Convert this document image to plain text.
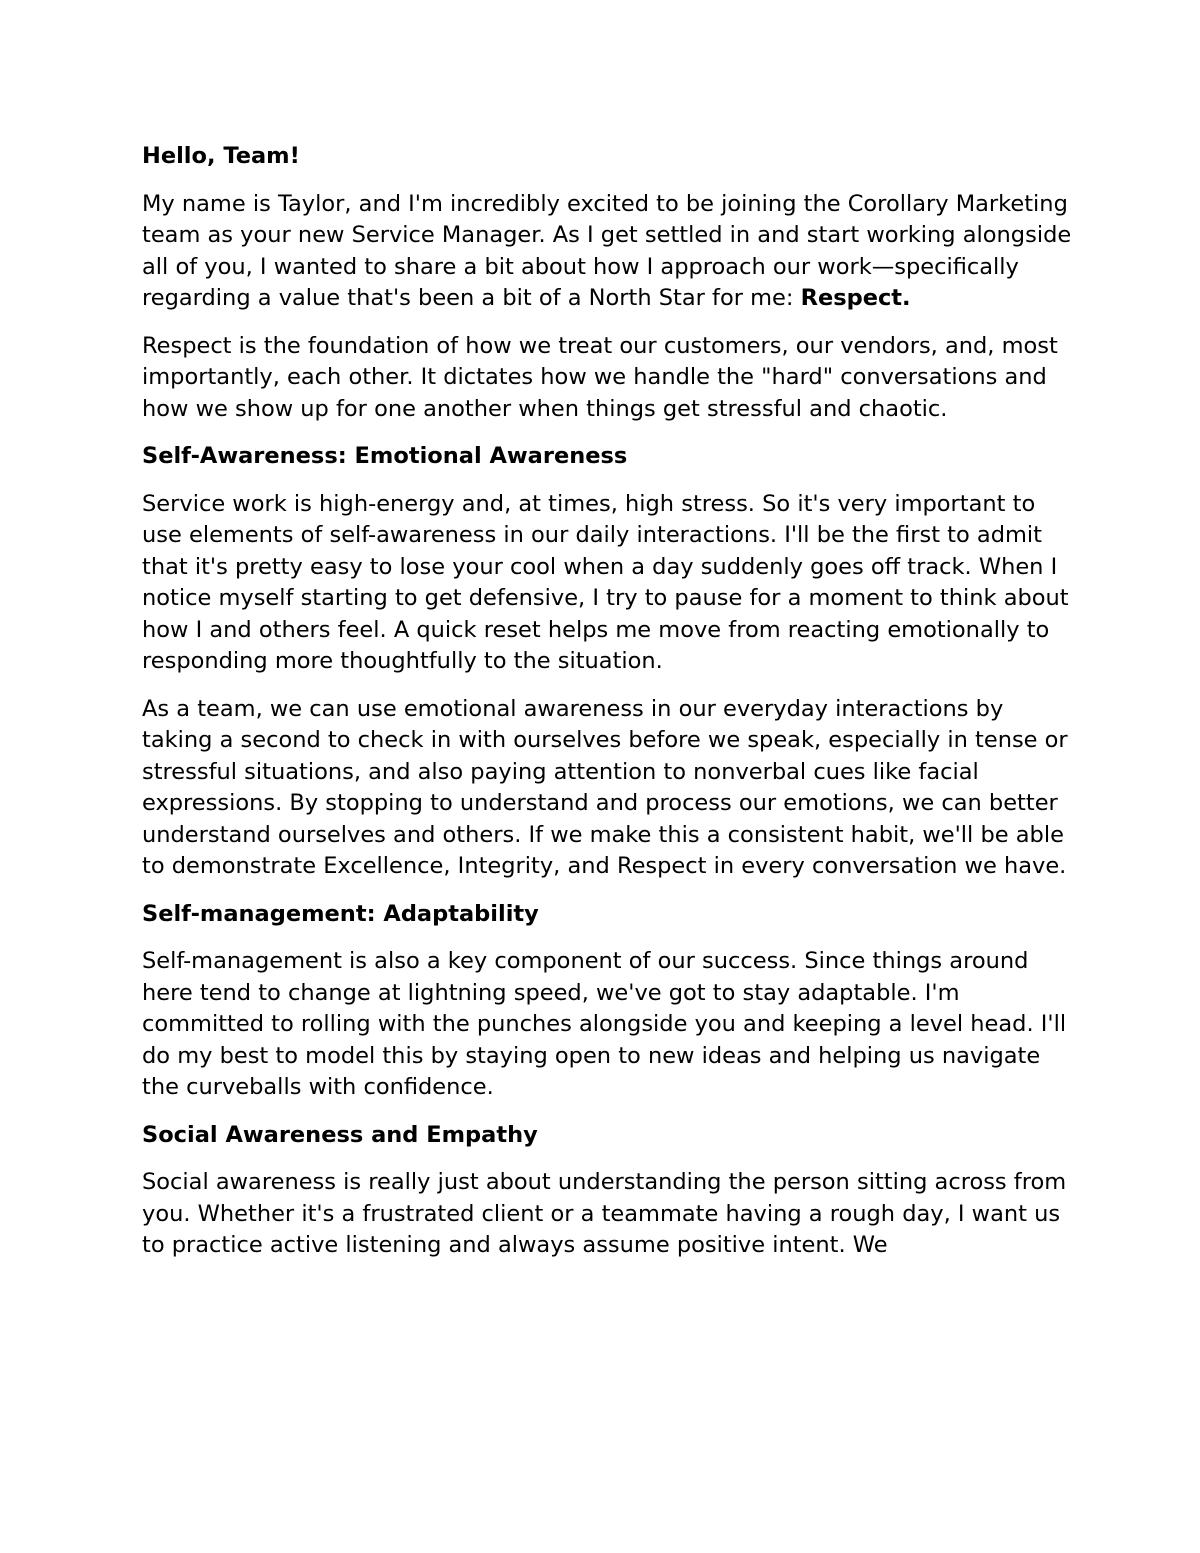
Hello, Team!

My name is Taylor, and I'm incredibly excited to be joining the Corollary Marketing team as your new Service Manager. As I get settled in and start working alongside all of you, I wanted to share a bit about how I approach our work—specifically regarding a value that's been a bit of a North Star for me: Respect.

Respect is the foundation of how we treat our customers, our vendors, and, most importantly, each other. It dictates how we handle the "hard" conversations and how we show up for one another when things get stressful and chaotic.

Self-Awareness: Emotional Awareness

Service work is high-energy and, at times, high stress. So it's very important to use elements of self-awareness in our daily interactions. I'll be the first to admit that it's pretty easy to lose your cool when a day suddenly goes off track. When I notice myself starting to get defensive, I try to pause for a moment to think about how I and others feel. A quick reset helps me move from reacting emotionally to responding more thoughtfully to the situation.

As a team, we can use emotional awareness in our everyday interactions by taking a second to check in with ourselves before we speak, especially in tense or stressful situations, and also paying attention to nonverbal cues like facial expressions. By stopping to understand and process our emotions, we can better understand ourselves and others. If we make this a consistent habit, we'll be able to demonstrate Excellence, Integrity, and Respect in every conversation we have.

Self-management: Adaptability

Self-management is also a key component of our success. Since things around here tend to change at lightning speed, we've got to stay adaptable. I'm committed to rolling with the punches alongside you and keeping a level head. I'll do my best to model this by staying open to new ideas and helping us navigate the curveballs with confidence.

Social Awareness and Empathy

Social awareness is really just about understanding the person sitting across from you. Whether it's a frustrated client or a teammate having a rough day, I want us to practice active listening and always assume positive intent. We
